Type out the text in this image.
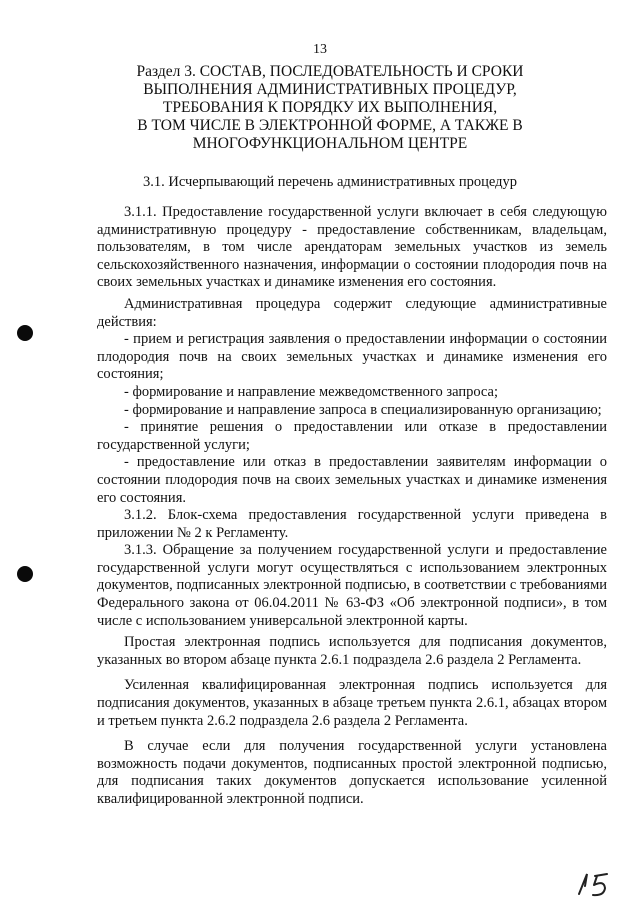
13
Раздел 3. СОСТАВ, ПОСЛЕДОВАТЕЛЬНОСТЬ И СРОКИ
ВЫПОЛНЕНИЯ АДМИНИСТРАТИВНЫХ ПРОЦЕДУР,
ТРЕБОВАНИЯ К ПОРЯДКУ ИХ ВЫПОЛНЕНИЯ,
В ТОМ ЧИСЛЕ В ЭЛЕКТРОННОЙ ФОРМЕ, А ТАКЖЕ В
МНОГОФУНКЦИОНАЛЬНОМ ЦЕНТРЕ
3.1. Исчерпывающий перечень административных процедур

3.1.1. Предоставление государственной услуги включает в себя следующую административную процедуру - предоставление собственникам, владельцам, пользователям, в том числе арендаторам земельных участков из земель сельскохозяйственного назначения, информации о состоянии плодородия почв на своих земельных участках и динамике изменения его состояния.

Административная процедура содержит следующие административные действия:

- прием и регистрация заявления о предоставлении информации о состоянии плодородия почв на своих земельных участках и динамике изменения его состояния;

- формирование и направление межведомственного запроса;

- формирование и направление запроса в специализированную организацию;

- принятие решения о предоставлении или отказе в предоставлении государственной услуги;

- предоставление или отказ в предоставлении заявителям информации о состоянии плодородия почв на своих земельных участках и динамике изменения его состояния.

3.1.2. Блок-схема предоставления государственной услуги приведена в приложении № 2 к Регламенту.

3.1.3. Обращение за получением государственной услуги и предоставление государственной услуги могут осуществляться с использованием электронных документов, подписанных электронной подписью, в соответствии с требованиями Федерального закона от 06.04.2011 № 63-ФЗ «Об электронной подписи», в том числе с использованием универсальной электронной карты.

Простая электронная подпись используется для подписания документов, указанных во втором абзаце пункта 2.6.1 подраздела 2.6 раздела 2 Регламента.

Усиленная квалифицированная электронная подпись используется для подписания документов, указанных в абзаце третьем пункта 2.6.1, абзацах втором и третьем пункта 2.6.2 подраздела 2.6 раздела 2 Регламента.

В случае если для получения государственной услуги установлена возможность подачи документов, подписанных простой электронной подписью, для подписания таких документов допускается использование усиленной квалифицированной электронной подписи.
